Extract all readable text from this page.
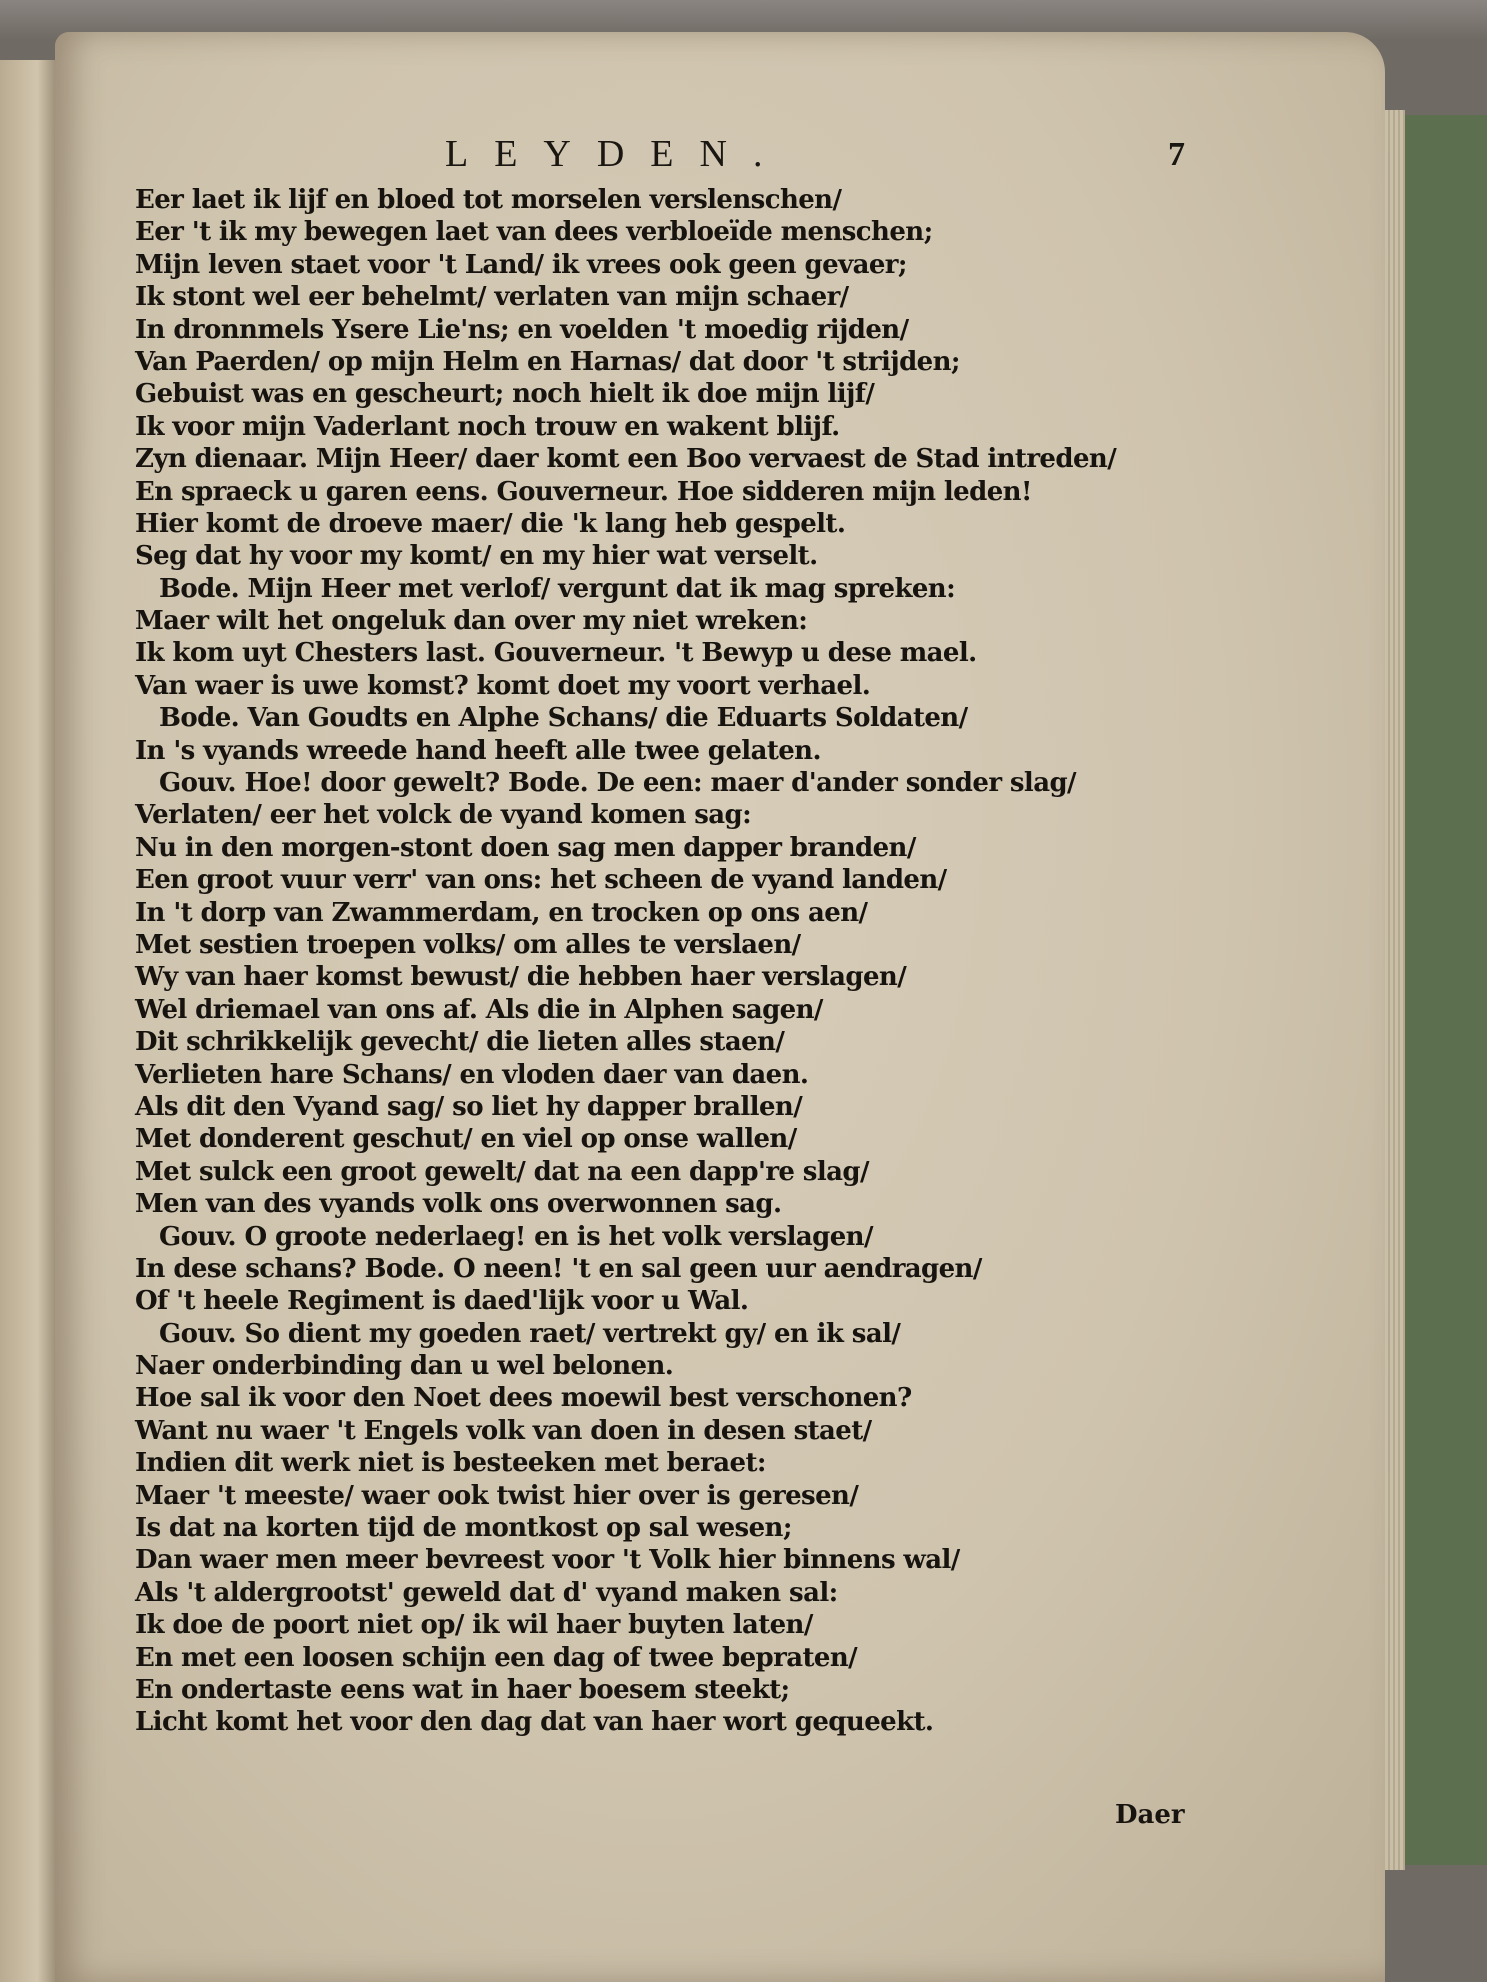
LEYDEN.	7
Eer laet ik lijf en bloed tot morselen verslenschen/
Eer 't ik my bewegen laet van dees verbloeïde menschen;
Mijn leven staet voor 't Land/ ik vrees ook geen gevaer;
Ik stont wel eer behelmt/ verlaten van mijn schaer/
In dronnmels Ysere Lie'ns; en voelden 't moedig rijden/
Van Paerden/ op mijn Helm en Harnas/ dat door 't strijden;
Gebuist was en gescheurt; noch hielt ik doe mijn lijf/
Ik voor mijn Vaderlant noch trouw en wakent blijf.
Zyn dienaar. Mijn Heer/ daer komt een Boo vervaest de Stad intreden/
En spraeck u garen eens. Gouverneur. Hoe sidderen mijn leden!
Hier komt de droeve maer/ die 'k lang heb gespelt.
Seg dat hy voor my komt/ en my hier wat verselt.
Bode. Mijn Heer met verlof/ vergunt dat ik mag spreken:
Maer wilt het ongeluk dan over my niet wreken:
Ik kom uyt Chesters last. Gouverneur. 't Bewyp u dese mael.
Van waer is uwe komst? komt doet my voort verhael.
Bode. Van Goudts en Alphe Schans/ die Eduarts Soldaten/
In 's vyands wreede hand heeft alle twee gelaten.
Gouv. Hoe! door gewelt? Bode. De een: maer d'ander sonder slag/
Verlaten/ eer het volck de vyand komen sag:
Nu in den morgen-stont doen sag men dapper branden/
Een groot vuur verr' van ons: het scheen de vyand landen/
In 't dorp van Zwammerdam, en trocken op ons aen/
Met sestien troepen volks/ om alles te verslaen/
Wy van haer komst bewust/ die hebben haer verslagen/
Wel driemael van ons af. Als die in Alphen sagen/
Dit schrikkelijk gevecht/ die lieten alles staen/
Verlieten hare Schans/ en vloden daer van daen.
Als dit den Vyand sag/ so liet hy dapper brallen/
Met donderent geschut/ en viel op onse wallen/
Met sulck een groot gewelt/ dat na een dapp're slag/
Men van des vyands volk ons overwonnen sag.
Gouv. O groote nederlaeg! en is het volk verslagen/
In dese schans? Bode. O neen! 't en sal geen uur aendragen/
Of 't heele Regiment is daed'lijk voor u Wal.
Gouv. So dient my goeden raet/ vertrekt gy/ en ik sal/
Naer onderbinding dan u wel belonen.
Hoe sal ik voor den Noet dees moewil best verschonen?
Want nu waer 't Engels volk van doen in desen staet/
Indien dit werk niet is besteeken met beraet:
Maer 't meeste/ waer ook twist hier over is geresen/
Is dat na korten tijd de montkost op sal wesen;
Dan waer men meer bevreest voor 't Volk hier binnens wal/
Als 't aldergrootst' geweld dat d' vyand maken sal:
Ik doe de poort niet op/ ik wil haer buyten laten/
En met een loosen schijn een dag of twee bepraten/
En ondertaste eens wat in haer boesem steekt;
Licht komt het voor den dag dat van haer wort gequeekt.
Daer
